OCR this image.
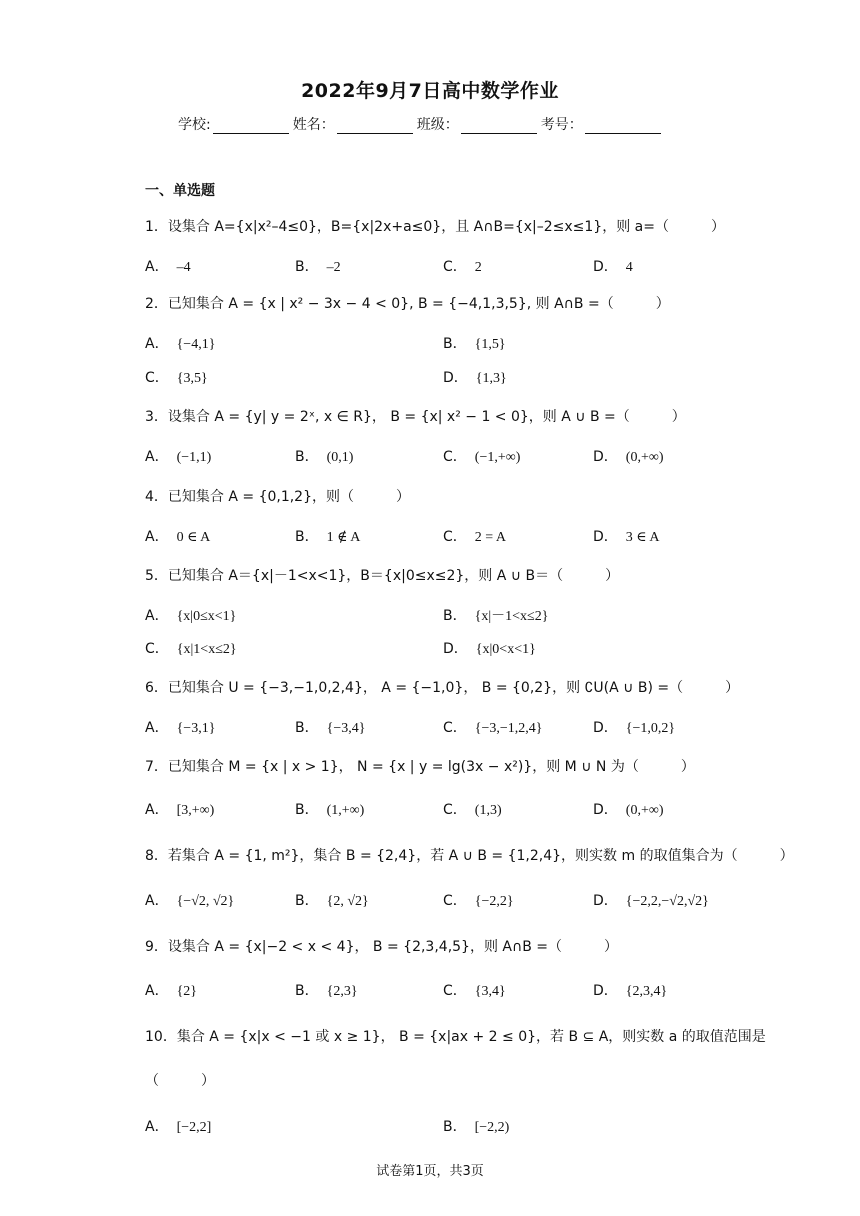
2022年9月7日高中数学作业
学校:	姓名：	班级：	考号：
一、单选题
1．设集合 A={x|x²–4≤0}，B={x|2x+a≤0}，且 A∩B={x|–2≤x≤1}，则 a=（　　　）
A． –4	B． –2	C． 2	D． 4
2．已知集合 A = {x | x² − 3x − 4 < 0}, B = {−4,1,3,5}, 则 A∩B =（　　　）
A． {−4,1}	B． {1,5}
C． {3,5}	D． {1,3}
3．设集合 A = {y| y = 2ˣ, x ∈ R}， B = {x| x² − 1 < 0}，则 A ∪ B =（　　　）
A． (−1,1)	B． (0,1)	C． (−1,+∞)	D． (0,+∞)
4．已知集合 A = {0,1,2}，则（　　　）
A． 0 ∈ A	B． 1 ∉ A	C． 2 = A	D． 3 ∈ A
5．已知集合 A＝{x|－1<x<1}，B＝{x|0≤x≤2}，则 A ∪ B＝（　　　）
A． {x|0≤x<1}	B． {x|－1<x≤2}
C． {x|1<x≤2}	D． {x|0<x<1}
6．已知集合 U = {−3,−1,0,2,4}， A = {−1,0}， B = {0,2}，则 ∁U(A ∪ B) =（　　　）
A． {−3,1}	B． {−3,4}	C． {−3,−1,2,4}	D． {−1,0,2}
7．已知集合 M = {x | x > 1}， N = {x | y = lg(3x − x²)}，则 M ∪ N 为（　　　）
A． [3,+∞)	B． (1,+∞)	C． (1,3)	D． (0,+∞)
8．若集合 A = {1, m²}，集合 B = {2,4}，若 A ∪ B = {1,2,4}，则实数 m 的取值集合为（　　　）
A． {−√2, √2}	B． {2, √2}	C． {−2,2}	D． {−2,2,−√2,√2}
9．设集合 A = {x|−2 < x < 4}， B = {2,3,4,5}，则 A∩B =（　　　）
A． {2}	B． {2,3}	C． {3,4}	D． {2,3,4}
10．集合 A = {x|x < −1 或 x ≥ 1}， B = {x|ax + 2 ≤ 0}，若 B ⊆ A，则实数 a 的取值范围是
（　　　）
A． [−2,2]	B． [−2,2)
试卷第1页，共3页
